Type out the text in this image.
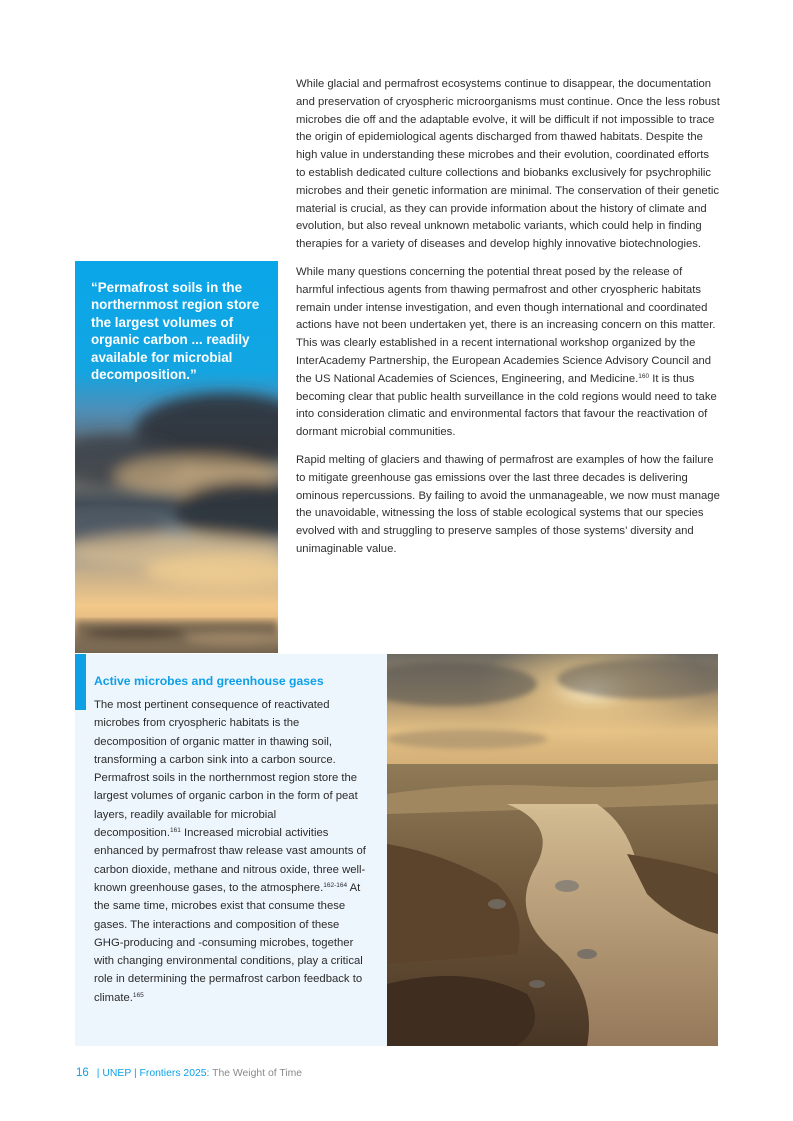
While glacial and permafrost ecosystems continue to disappear, the documentation and preservation of cryospheric microorganisms must continue. Once the less robust microbes die off and the adaptable evolve, it will be difficult if not impossible to trace the origin of epidemiological agents discharged from thawed habitats. Despite the high value in understanding these microbes and their evolution, coordinated efforts to establish dedicated culture collections and biobanks exclusively for psychrophilic microbes and their genetic information are minimal. The conservation of their genetic material is crucial, as they can provide information about the history of climate and evolution, but also reveal unknown metabolic variants, which could help in finding therapies for a variety of diseases and develop highly innovative biotechnologies.

While many questions concerning the potential threat posed by the release of harmful infectious agents from thawing permafrost and other cryospheric habitats remain under intense investigation, and even though international and coordinated actions have not been undertaken yet, there is an increasing concern on this matter. This was clearly established in a recent international workshop organized by the InterAcademy Partnership, the European Academies Science Advisory Council and the US National Academies of Sciences, Engineering, and Medicine.$^{160}$ It is thus becoming clear that public health surveillance in the cold regions would need to take into consideration climatic and environmental factors that favour the reactivation of dormant microbial communities.

Rapid melting of glaciers and thawing of permafrost are examples of how the failure to mitigate greenhouse gas emissions over the last three decades is delivering ominous repercussions. By failing to avoid the unmanageable, we now must manage the unavoidable, witnessing the loss of stable ecological systems that our species evolved with and struggling to preserve samples of those systems’ diversity and unimaginable value.

“Permafrost soils in the northernmost region store the largest volumes of organic carbon ... readily available for microbial decomposition.”
Active microbes and greenhouse gases
The most pertinent consequence of reactivated microbes from cryospheric habitats is the decomposition of organic matter in thawing soil, transforming a carbon sink into a carbon source. Permafrost soils in the northernmost region store the largest volumes of organic carbon in the form of peat layers, readily available for microbial decomposition.$^{161}$ Increased microbial activities enhanced by permafrost thaw release vast amounts of carbon dioxide, methane and nitrous oxide, three well-known greenhouse gases, to the atmosphere.$^{162-164}$ At the same time, microbes exist that consume these gases. The interactions and composition of these GHG-producing and -consuming microbes, together with changing environmental conditions, play a critical role in determining the permafrost carbon feedback to climate.$^{165}$
16 | UNEP | Frontiers 2025: The Weight of Time
